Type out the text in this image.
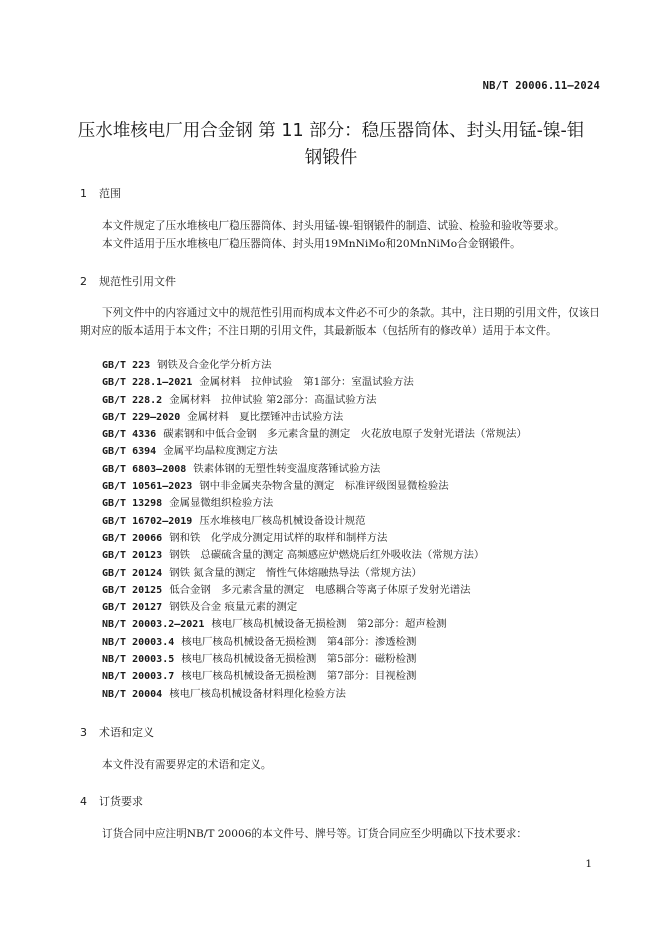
NB/T 20006.11—2024
压水堆核电厂用合金钢 第 11 部分：稳压器筒体、封头用锰-镍-钼
钢锻件
1 范围

本文件规定了压水堆核电厂稳压器筒体、封头用锰-镍-钼钢锻件的制造、试验、检验和验收等要求。

本文件适用于压水堆核电厂稳压器筒体、封头用19MnNiMo和20MnNiMo合金钢锻件。

2 规范性引用文件

下列文件中的内容通过文中的规范性引用而构成本文件必不可少的条款。其中，注日期的引用文件，仅该日期对应的版本适用于本文件；不注日期的引用文件，其最新版本（包括所有的修改单）适用于本文件。

GB/T 223 钢铁及合金化学分析方法
GB/T 228.1—2021 金属材料　拉伸试验　第1部分：室温试验方法
GB/T 228.2 金属材料　拉伸试验 第2部分：高温试验方法
GB/T 229—2020 金属材料　夏比摆锤冲击试验方法
GB/T 4336 碳素钢和中低合金钢　多元素含量的测定　火花放电原子发射光谱法（常规法）
GB/T 6394 金属平均晶粒度测定方法
GB/T 6803—2008 铁素体钢的无塑性转变温度落锤试验方法
GB/T 10561—2023 钢中非金属夹杂物含量的测定　标准评级图显微检验法
GB/T 13298 金属显微组织检验方法
GB/T 16702—2019 压水堆核电厂核岛机械设备设计规范
GB/T 20066 钢和铁　化学成分测定用试样的取样和制样方法
GB/T 20123 钢铁　总碳硫含量的测定 高频感应炉燃烧后红外吸收法（常规方法）
GB/T 20124 钢铁 氮含量的测定　惰性气体熔融热导法（常规方法）
GB/T 20125 低合金钢　多元素含量的测定　电感耦合等离子体原子发射光谱法
GB/T 20127 钢铁及合金 痕量元素的测定
NB/T 20003.2—2021 核电厂核岛机械设备无损检测　第2部分：超声检测
NB/T 20003.4 核电厂核岛机械设备无损检测　第4部分：渗透检测
NB/T 20003.5 核电厂核岛机械设备无损检测　第5部分：磁粉检测
NB/T 20003.7 核电厂核岛机械设备无损检测　第7部分：目视检测
NB/T 20004 核电厂核岛机械设备材料理化检验方法
3 术语和定义

本文件没有需要界定的术语和定义。

4 订货要求

订货合同中应注明NB/T 20006的本文件号、牌号等。订货合同应至少明确以下技术要求：

1
